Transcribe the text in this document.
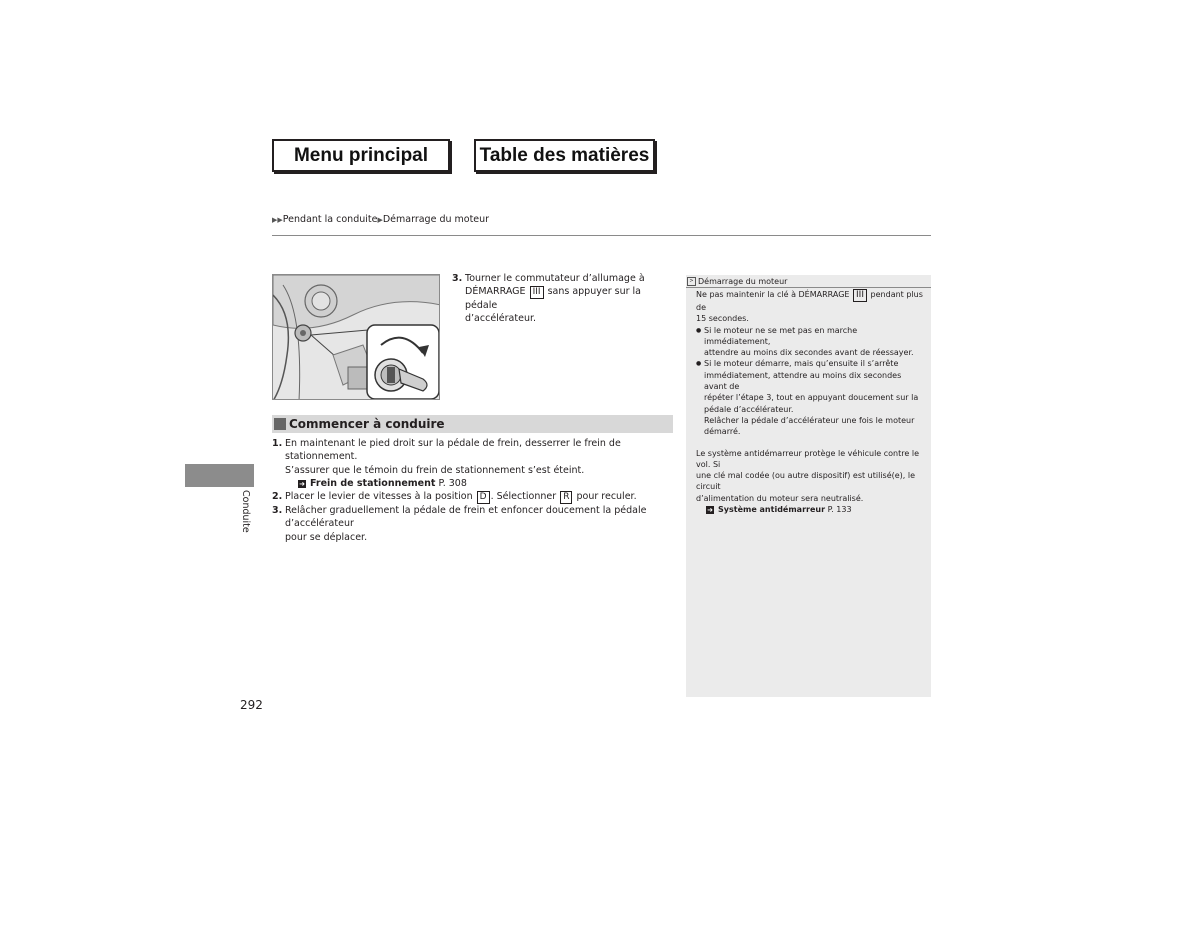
Menu principal	Table des matières
▶▶Pendant la conduite▶Démarrage du moteur
3. Tourner le commutateur d’allumage à
DÉMARRAGE III sans appuyer sur la pédale
d’accélérateur.
Commencer à conduire
1. En maintenant le pied droit sur la pédale de frein, desserrer le frein de stationnement.
S’assurer que le témoin du frein de stationnement s’est éteint.
➜ Frein de stationnement P. 308
2. Placer le levier de vitesses à la position D . Sélectionner R pour reculer.
3. Relâcher graduellement la pédale de frein et enfoncer doucement la pédale d’accélérateur
pour se déplacer.
> Démarrage du moteur
Ne pas maintenir la clé à DÉMARRAGE III pendant plus de
15 secondes.
● Si le moteur ne se met pas en marche immédiatement,
attendre au moins dix secondes avant de réessayer.
● Si le moteur démarre, mais qu’ensuite il s’arrête
immédiatement, attendre au moins dix secondes avant de
répéter l’étape 3, tout en appuyant doucement sur la
pédale d’accélérateur.
Relâcher la pédale d’accélérateur une fois le moteur
démarré.
Le système antidémarreur protège le véhicule contre le vol. Si
une clé mal codée (ou autre dispositif) est utilisé(e), le circuit
d’alimentation du moteur sera neutralisé.
➜ Système antidémarreur P. 133
Conduite
292
